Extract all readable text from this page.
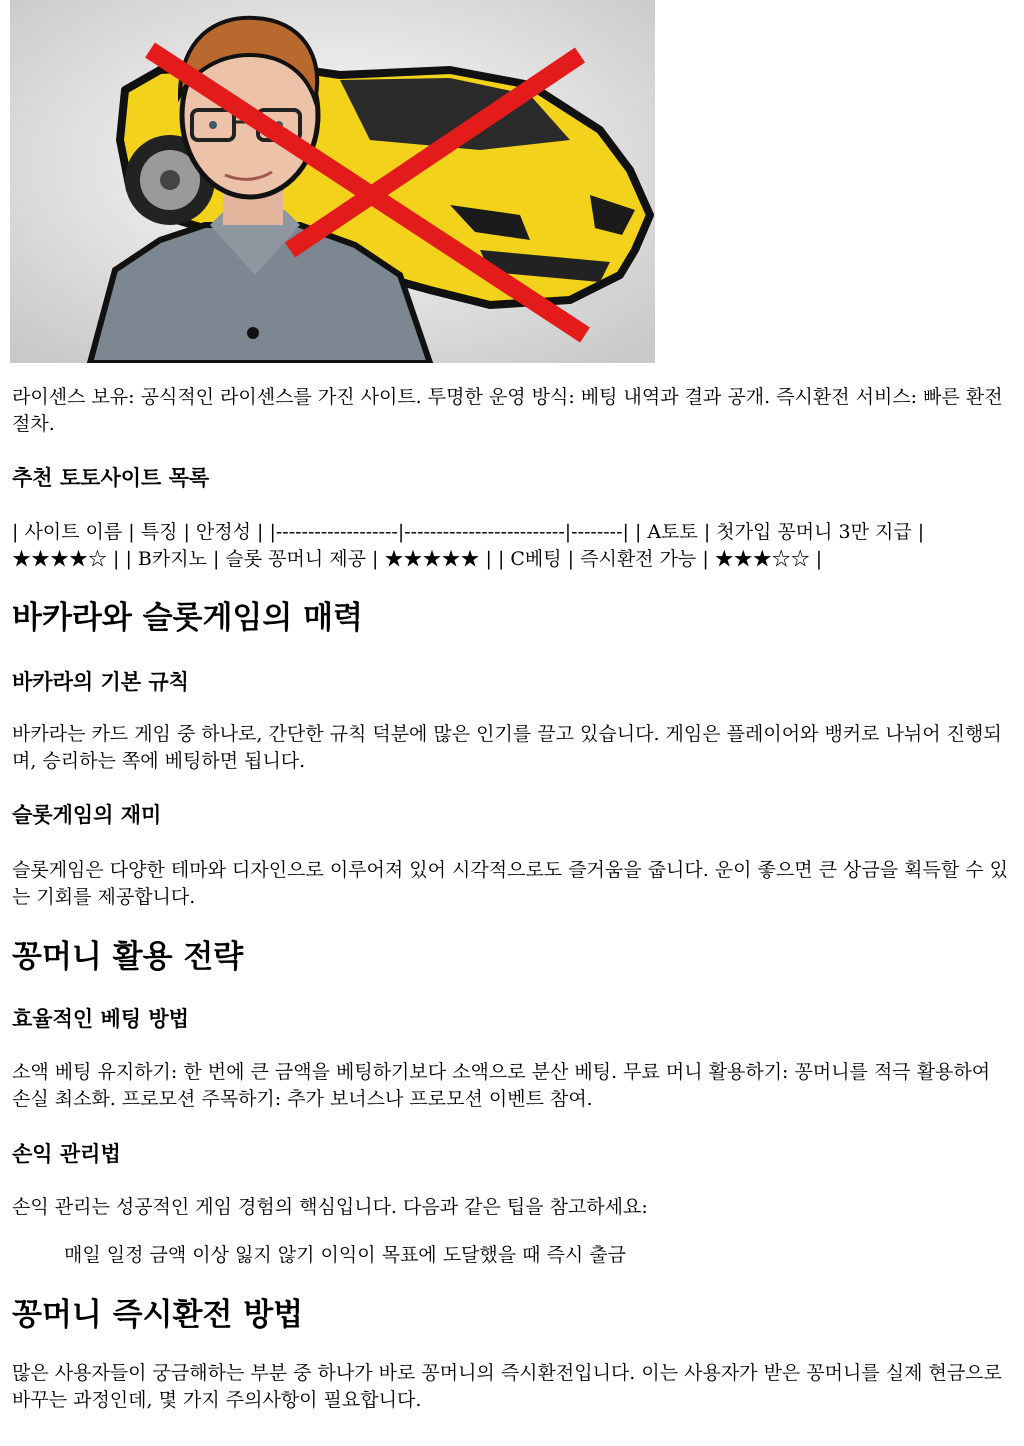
라이센스 보유: 공식적인 라이센스를 가진 사이트. 투명한 운영 방식: 베팅 내역과 결과 공개. 즉시환전 서비스: 빠른 환전 절차.

추천 토토사이트 목록

| 사이트 이름 | 특징 | 안정성 | |-------------------|-------------------------|--------| | A토토 | 첫가입 꽁머니 3만 지급 | ★★★★☆ | | B카지노 | 슬롯 꽁머니 제공 | ★★★★★ | | C베팅 | 즉시환전 가능 | ★★★☆☆ |

바카라와 슬롯게임의 매력
바카라의 기본 규칙

바카라는 카드 게임 중 하나로, 간단한 규칙 덕분에 많은 인기를 끌고 있습니다. 게임은 플레이어와 뱅커로 나뉘어 진행되며, 승리하는 쪽에 베팅하면 됩니다.

슬롯게임의 재미

슬롯게임은 다양한 테마와 디자인으로 이루어져 있어 시각적으로도 즐거움을 줍니다. 운이 좋으면 큰 상금을 획득할 수 있는 기회를 제공합니다.

꽁머니 활용 전략
효율적인 베팅 방법

소액 베팅 유지하기: 한 번에 큰 금액을 베팅하기보다 소액으로 분산 베팅. 무료 머니 활용하기: 꽁머니를 적극 활용하여 손실 최소화. 프로모션 주목하기: 추가 보너스나 프로모션 이벤트 참여.

손익 관리법

손익 관리는 성공적인 게임 경험의 핵심입니다. 다음과 같은 팁을 참고하세요:

매일 일정 금액 이상 잃지 않기 이익이 목표에 도달했을 때 즉시 출금

꽁머니 즉시환전 방법

많은 사용자들이 궁금해하는 부분 중 하나가 바로 꽁머니의 즉시환전입니다. 이는 사용자가 받은 꽁머니를 실제 현금으로 바꾸는 과정인데, 몇 가지 주의사항이 필요합니다.
